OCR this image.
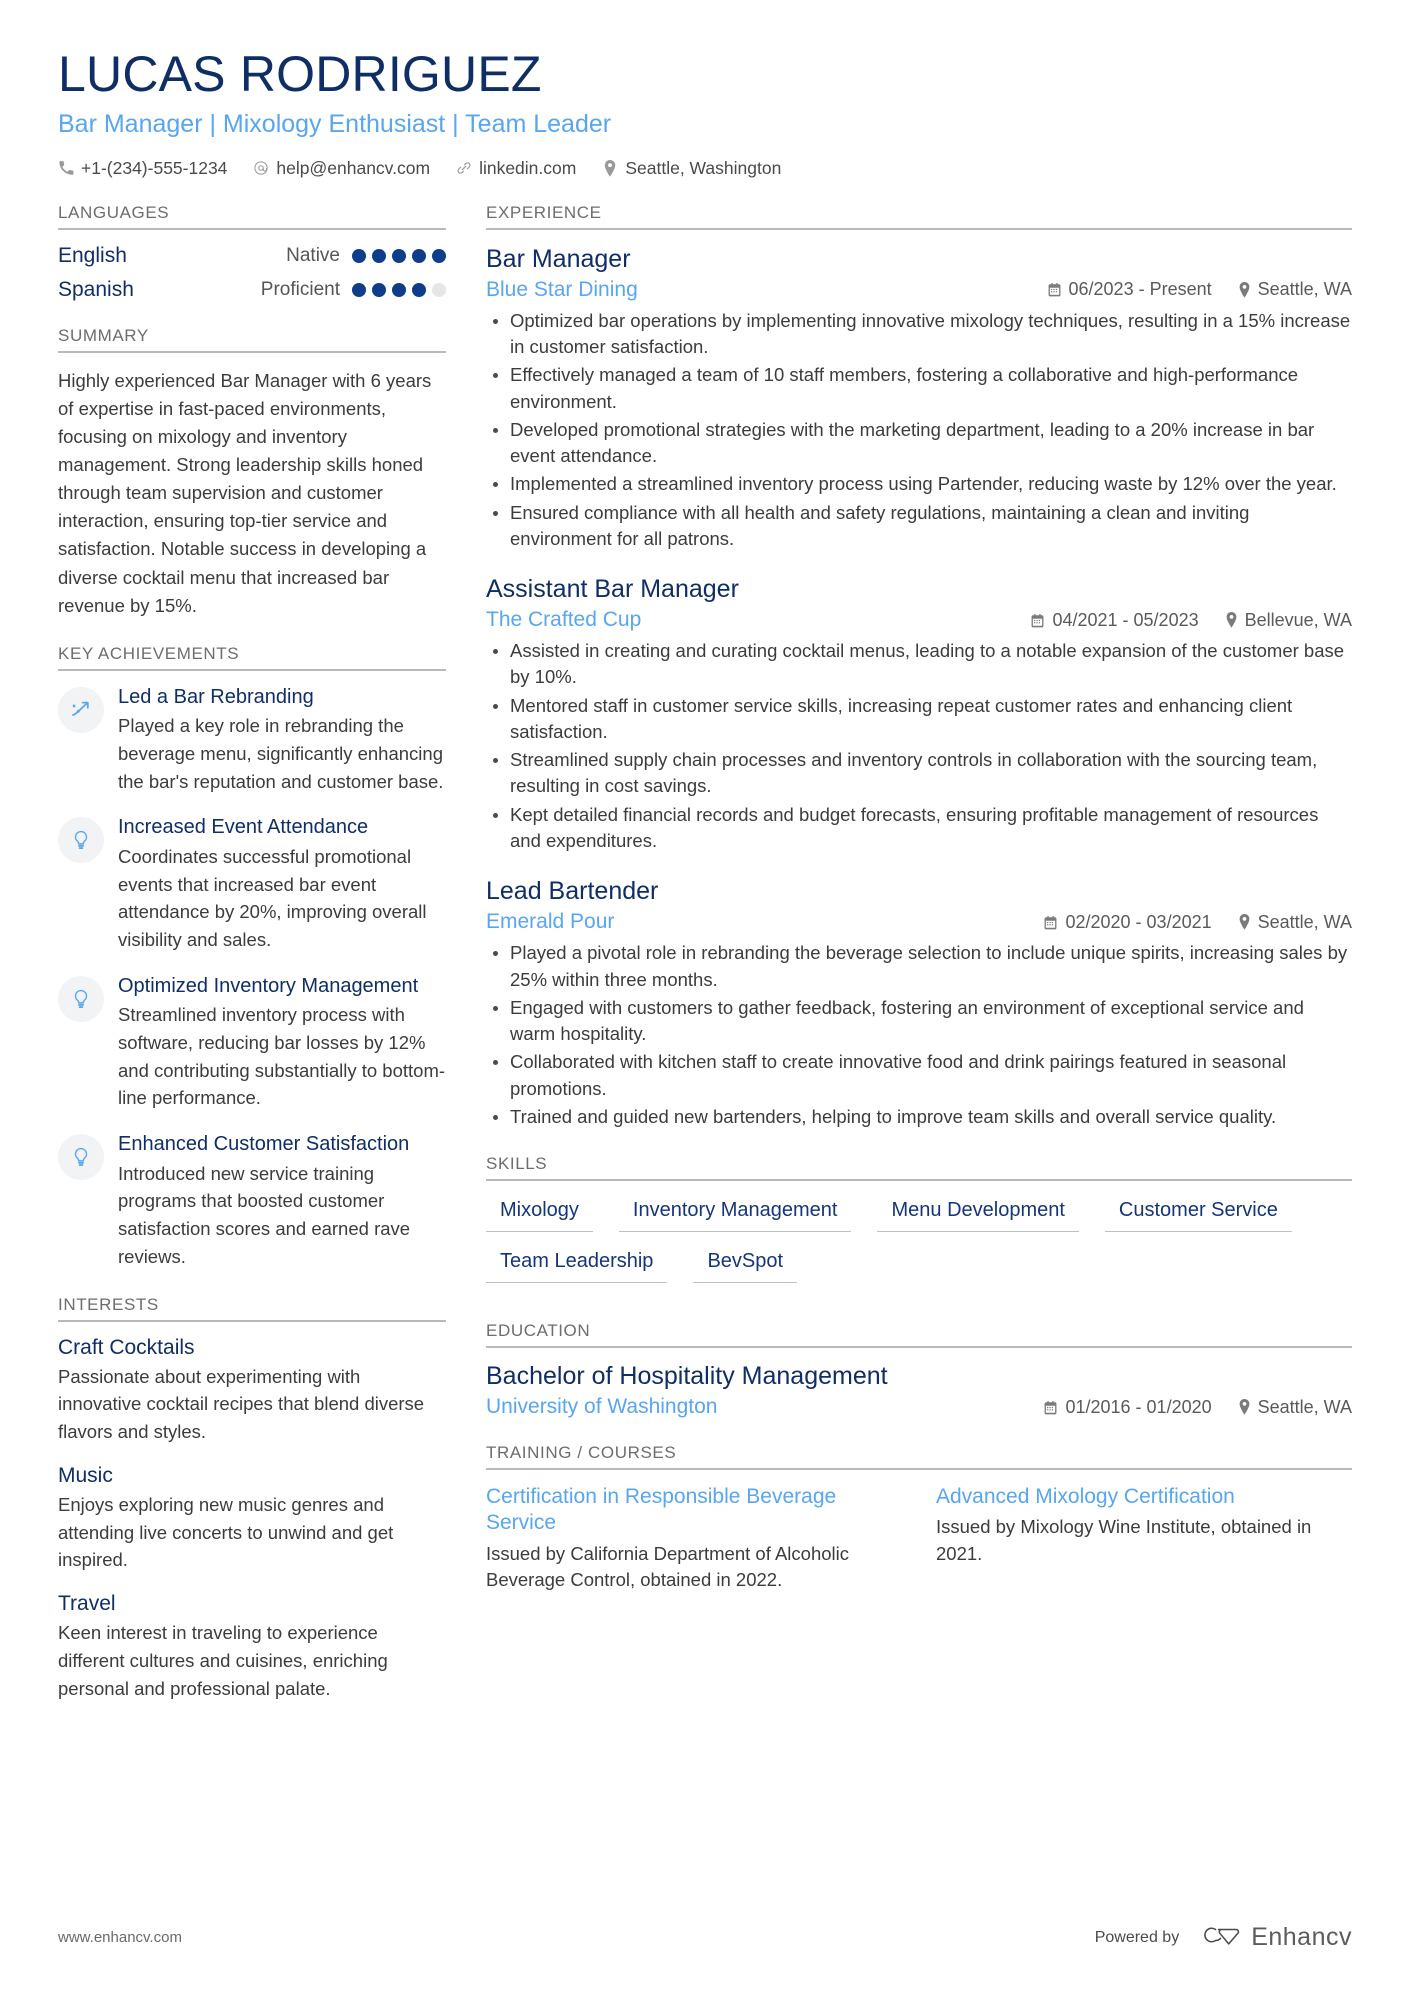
LUCAS RODRIGUEZ
Bar Manager | Mixology Enthusiast | Team Leader
+1-(234)-555-1234	help@enhancv.com	linkedin.com	Seattle, Washington
LANGUAGES
English	Native
Spanish	Proficient
SUMMARY
Highly experienced Bar Manager with 6 years of expertise in fast-paced environments, focusing on mixology and inventory management. Strong leadership skills honed through team supervision and customer interaction, ensuring top-tier service and satisfaction. Notable success in developing a diverse cocktail menu that increased bar revenue by 15%.
KEY ACHIEVEMENTS
Led a Bar Rebranding
Played a key role in rebranding the beverage menu, significantly enhancing the bar's reputation and customer base.
Increased Event Attendance
Coordinates successful promotional events that increased bar event attendance by 20%, improving overall visibility and sales.
Optimized Inventory Management
Streamlined inventory process with software, reducing bar losses by 12% and contributing substantially to bottom-line performance.
Enhanced Customer Satisfaction
Introduced new service training programs that boosted customer satisfaction scores and earned rave reviews.
INTERESTS
Craft Cocktails
Passionate about experimenting with innovative cocktail recipes that blend diverse flavors and styles.
Music
Enjoys exploring new music genres and attending live concerts to unwind and get inspired.
Travel
Keen interest in traveling to experience different cultures and cuisines, enriching personal and professional palate.
EXPERIENCE
Bar Manager
Blue Star Dining	06/2023 - Present	Seattle, WA
Optimized bar operations by implementing innovative mixology techniques, resulting in a 15% increase in customer satisfaction.
Effectively managed a team of 10 staff members, fostering a collaborative and high-performance environment.
Developed promotional strategies with the marketing department, leading to a 20% increase in bar event attendance.
Implemented a streamlined inventory process using Partender, reducing waste by 12% over the year.
Ensured compliance with all health and safety regulations, maintaining a clean and inviting environment for all patrons.
Assistant Bar Manager
The Crafted Cup	04/2021 - 05/2023	Bellevue, WA
Assisted in creating and curating cocktail menus, leading to a notable expansion of the customer base by 10%.
Mentored staff in customer service skills, increasing repeat customer rates and enhancing client satisfaction.
Streamlined supply chain processes and inventory controls in collaboration with the sourcing team, resulting in cost savings.
Kept detailed financial records and budget forecasts, ensuring profitable management of resources and expenditures.
Lead Bartender
Emerald Pour	02/2020 - 03/2021	Seattle, WA
Played a pivotal role in rebranding the beverage selection to include unique spirits, increasing sales by 25% within three months.
Engaged with customers to gather feedback, fostering an environment of exceptional service and warm hospitality.
Collaborated with kitchen staff to create innovative food and drink pairings featured in seasonal promotions.
Trained and guided new bartenders, helping to improve team skills and overall service quality.
SKILLS
Mixology	Inventory Management	Menu Development	Customer Service
Team Leadership	BevSpot
EDUCATION
Bachelor of Hospitality Management
University of Washington	01/2016 - 01/2020	Seattle, WA
TRAINING / COURSES
Certification in Responsible Beverage Service
Issued by California Department of Alcoholic Beverage Control, obtained in 2022.
Advanced Mixology Certification
Issued by Mixology Wine Institute, obtained in 2021.
www.enhancv.com	Powered by	Enhancv
